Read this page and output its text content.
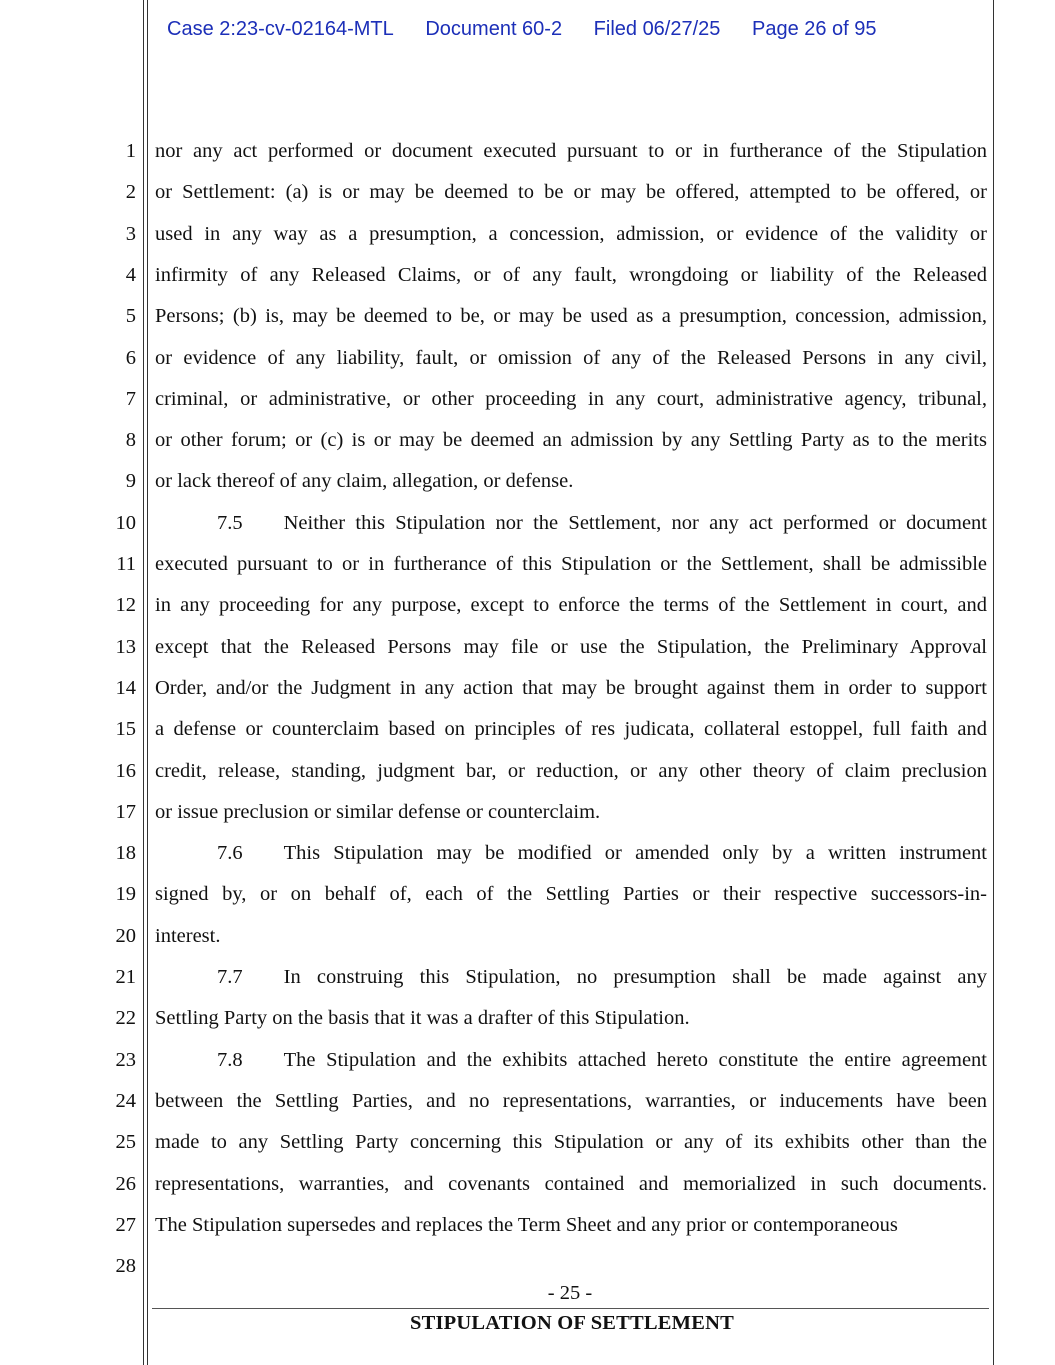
Case 2:23-cv-02164-MTL Document 60-2 Filed 06/27/25 Page 26 of 95
1 nor any act performed or document executed pursuant to or in furtherance of the Stipulation
2 or Settlement: (a) is or may be deemed to be or may be offered, attempted to be offered, or
3 used in any way as a presumption, a concession, admission, or evidence of the validity or
4 infirmity of any Released Claims, or of any fault, wrongdoing or liability of the Released
5 Persons; (b) is, may be deemed to be, or may be used as a presumption, concession, admission,
6 or evidence of any liability, fault, or omission of any of the Released Persons in any civil,
7 criminal, or administrative, or other proceeding in any court, administrative agency, tribunal,
8 or other forum; or (c) is or may be deemed an admission by any Settling Party as to the merits
9 or lack thereof of any claim, allegation, or defense.
10	7.5  Neither this Stipulation nor the Settlement, nor any act performed or document
11 executed pursuant to or in furtherance of this Stipulation or the Settlement, shall be admissible
12 in any proceeding for any purpose, except to enforce the terms of the Settlement in court, and
13 except that the Released Persons may file or use the Stipulation, the Preliminary Approval
14 Order, and/or the Judgment in any action that may be brought against them in order to support
15 a defense or counterclaim based on principles of res judicata, collateral estoppel, full faith and
16 credit, release, standing, judgment bar, or reduction, or any other theory of claim preclusion
17 or issue preclusion or similar defense or counterclaim.
18	7.6  This Stipulation may be modified or amended only by a written instrument
19 signed by, or on behalf of, each of the Settling Parties or their respective successors-in-
20 interest.
21	7.7  In construing this Stipulation, no presumption shall be made against any
22 Settling Party on the basis that it was a drafter of this Stipulation.
23	7.8  The Stipulation and the exhibits attached hereto constitute the entire agreement
24 between the Settling Parties, and no representations, warranties, or inducements have been
25 made to any Settling Party concerning this Stipulation or any of its exhibits other than the
26 representations, warranties, and covenants contained and memorialized in such documents.
27 The Stipulation supersedes and replaces the Term Sheet and any prior or contemporaneous
28
- 25 -
STIPULATION OF SETTLEMENT
